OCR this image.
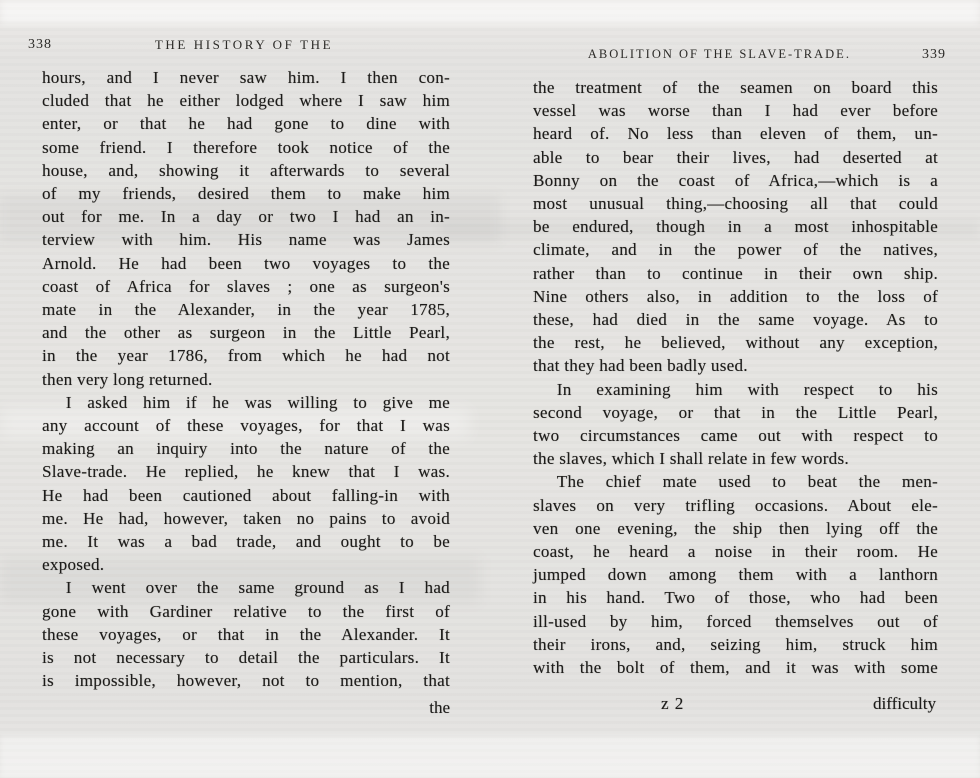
338	THE HISTORY OF THE
hours, and I never saw him. I then con-
cluded that he either lodged where I saw him
enter, or that he had gone to dine with
some friend. I therefore took notice of the
house, and, showing it afterwards to several
of my friends, desired them to make him
out for me. In a day or two I had an in-
terview with him. His name was James
Arnold. He had been two voyages to the
coast of Africa for slaves ; one as surgeon's
mate in the Alexander, in the year 1785,
and the other as surgeon in the Little Pearl,
in the year 1786, from which he had not
then very long returned.
I asked him if he was willing to give me
any account of these voyages, for that I was
making an inquiry into the nature of the
Slave-trade. He replied, he knew that I was.
He had been cautioned about falling-in with
me. He had, however, taken no pains to avoid
me. It was a bad trade, and ought to be
exposed.
I went over the same ground as I had
gone with Gardiner relative to the first of
these voyages, or that in the Alexander. It
is not necessary to detail the particulars. It
is impossible, however, not to mention, that
the
ABOLITION OF THE SLAVE-TRADE.	339
the treatment of the seamen on board this
vessel was worse than I had ever before
heard of. No less than eleven of them, un-
able to bear their lives, had deserted at
Bonny on the coast of Africa,—which is a
most unusual thing,—choosing all that could
be endured, though in a most inhospitable
climate, and in the power of the natives,
rather than to continue in their own ship.
Nine others also, in addition to the loss of
these, had died in the same voyage. As to
the rest, he believed, without any exception,
that they had been badly used.
In examining him with respect to his
second voyage, or that in the Little Pearl,
two circumstances came out with respect to
the slaves, which I shall relate in few words.
The chief mate used to beat the men-
slaves on very trifling occasions. About ele-
ven one evening, the ship then lying off the
coast, he heard a noise in their room. He
jumped down among them with a lanthorn
in his hand. Two of those, who had been
ill-used by him, forced themselves out of
their irons, and, seizing him, struck him
with the bolt of them, and it was with some
z 2	difficulty
